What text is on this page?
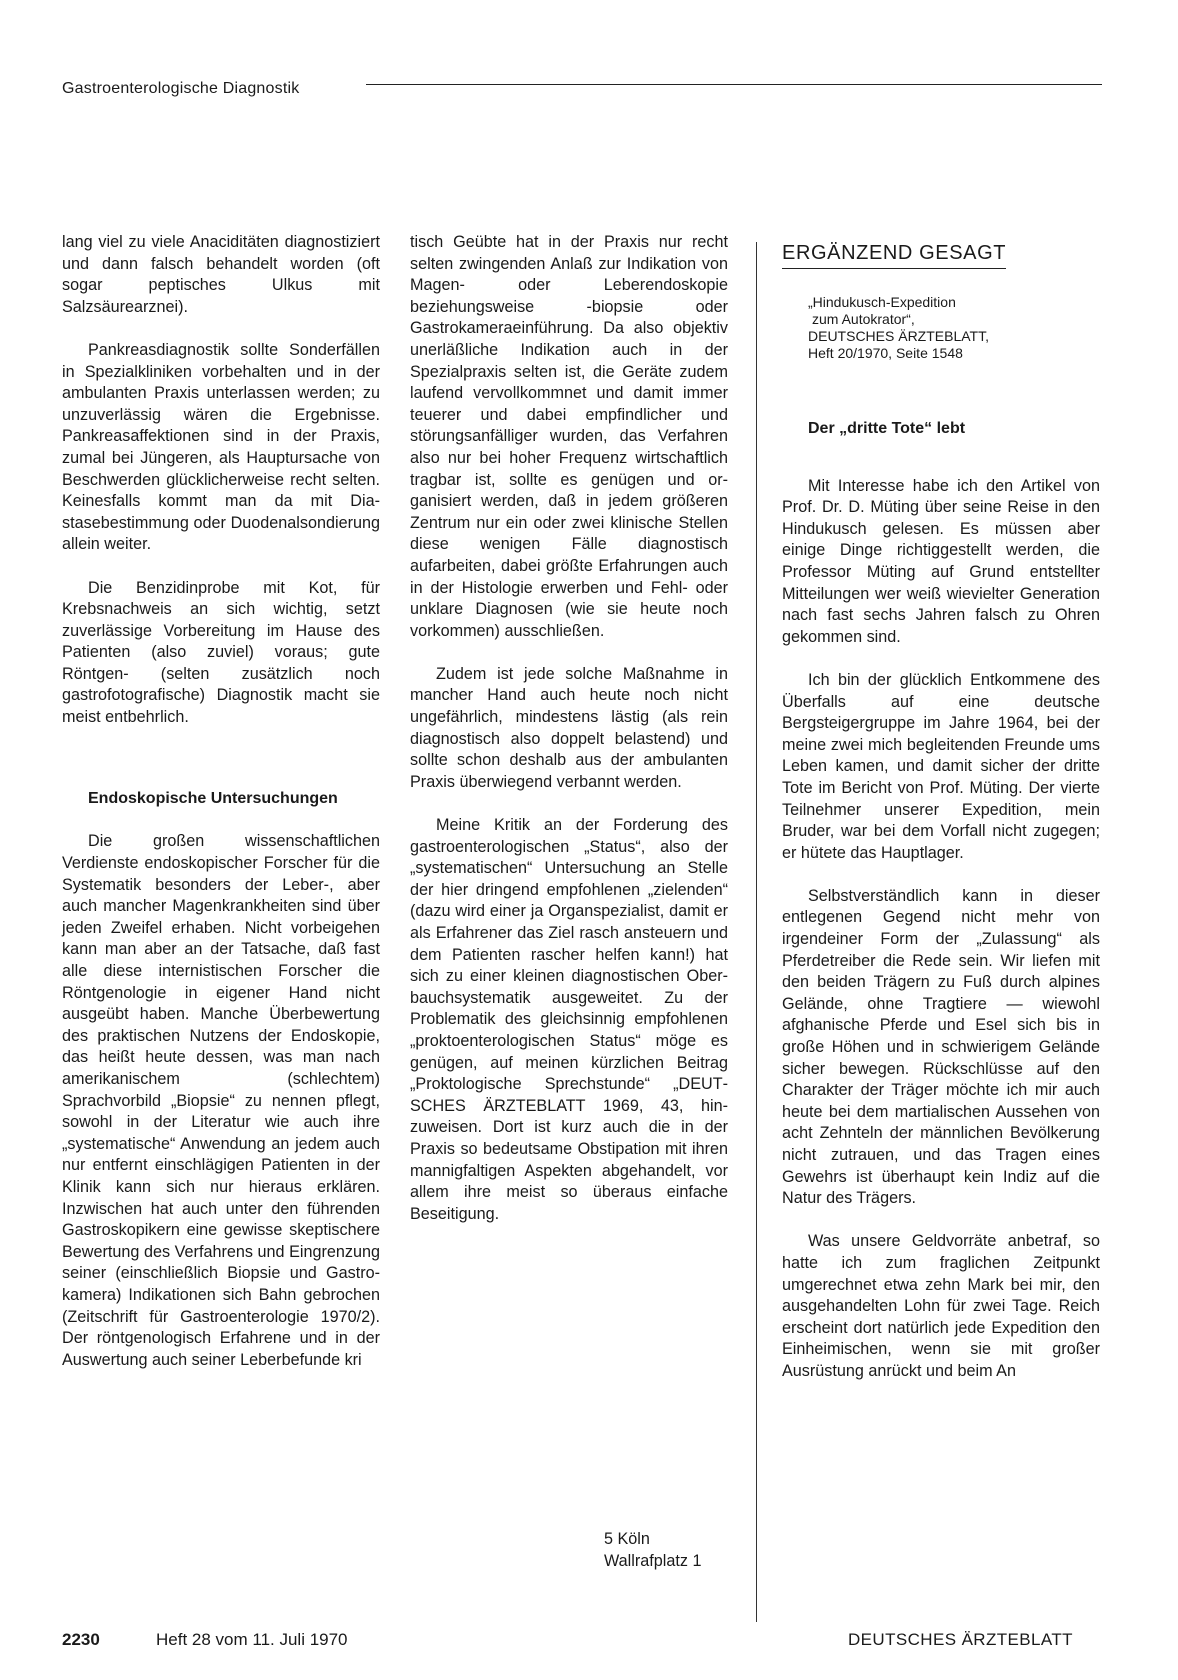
Gastroenterologische Diagnostik

lang viel zu viele Anaciditäten diagnostiziert und dann falsch behandelt worden (oft sogar peptisches Ulkus mit Salzsäurearznei).

Pankreasdiagnostik sollte Sonderfällen in Spezialkliniken vorbehalten und in der ambulanten Praxis unterlassen werden; zu unzuverlässig wären die Ergebnisse. Pankreasaffektionen sind in der Praxis, zumal bei Jüngeren, als Hauptursache von Beschwerden glücklicherweise recht selten. Keinesfalls kommt man da mit Diastasebestimmung oder Duodenalsondierung allein weiter.

Die Benzidinprobe mit Kot, für Krebsnachweis an sich wichtig, setzt zuverlässige Vorbereitung im Hause des Patienten (also zuviel) voraus; gute Röntgen- (selten zusätzlich noch gastrofotografische) Diagnostik macht sie meist entbehrlich.

Endoskopische Untersuchungen

Die großen wissenschaftlichen Verdienste endoskopischer Forscher für die Systematik besonders der Leber-, aber auch mancher Magenkrankheiten sind über jeden Zweifel erhaben. Nicht vorbeigehen kann man aber an der Tatsache, daß fast alle diese internistischen Forscher die Röntgenologie in eigener Hand nicht ausgeübt haben. Manche Überbewertung des praktischen Nutzens der Endoskopie, das heißt heute dessen, was man nach amerikanischem (schlechtem) Sprachvorbild „Biopsie“ zu nennen pflegt, sowohl in der Literatur wie auch ihre „systematische“ Anwendung an jedem auch nur entfernt einschlägigen Patienten in der Klinik kann sich nur hieraus erklären. Inzwischen hat auch unter den führenden Gastroskopikern eine gewisse skeptischere Bewertung des Verfahrens und Eingrenzung seiner (einschließlich Biopsie und Gastrokamera) Indikationen sich Bahn gebrochen (Zeitschrift für Gastroenterologie 1970/2). Der röntgenologisch Erfahrene und in der Auswertung auch seiner Leberbefunde kri

tisch Geübte hat in der Praxis nur recht selten zwingenden Anlaß zur Indikation von Magen- oder Leberendoskopie beziehungsweise -biopsie oder Gastrokameraeinführung. Da also objektiv unerläßliche Indikation auch in der Spezialpraxis selten ist, die Geräte zudem laufend vervollkommnet und damit immer teuerer und dabei empfindlicher und störungsanfälliger wurden, das Verfahren also nur bei hoher Frequenz wirtschaftlich tragbar ist, sollte es genügen und organisiert werden, daß in jedem größeren Zentrum nur ein oder zwei klinische Stellen diese wenigen Fälle diagnostisch aufarbeiten, dabei größte Erfahrungen auch in der Histologie erwerben und Fehl- oder unklare Diagnosen (wie sie heute noch vorkommen) ausschließen.

Zudem ist jede solche Maßnahme in mancher Hand auch heute noch nicht ungefährlich, mindestens lästig (als rein diagnostisch also doppelt belastend) und sollte schon deshalb aus der ambulanten Praxis überwiegend verbannt werden.

Meine Kritik an der Forderung des gastroenterologischen „Status“, also der „systematischen“ Untersuchung an Stelle der hier dringend empfohlenen „zielenden“ (dazu wird einer ja Organspezialist, damit er als Erfahrener das Ziel rasch ansteuern und dem Patienten rascher helfen kann!) hat sich zu einer kleinen diagnostischen Oberbauchsystematik ausgeweitet. Zu der Problematik des gleichsinnig empfohlenen „proktoenterologischen Status“ möge es genügen, auf meinen kürzlichen Beitrag „Proktologische Sprechstunde“ „DEUTSCHES ÄRZTEBLATT 1969, 43, hinzuweisen. Dort ist kurz auch die in der Praxis so bedeutsame Obstipation mit ihren mannigfaltigen Aspekten abgehandelt, vor allem ihre meist so überaus einfache Beseitigung.

5 Köln
Wallrafplatz 1
ERGÄNZEND GESAGT
„Hindukusch-Expedition
zum Autokrator“,
DEUTSCHES ÄRZTEBLATT,
Heft 20/1970, Seite 1548
Der „dritte Tote“ lebt

Mit Interesse habe ich den Artikel von Prof. Dr. D. Müting über seine Reise in den Hindukusch gelesen. Es müssen aber einige Dinge richtiggestellt werden, die Professor Müting auf Grund entstellter Mitteilungen wer weiß wievielter Generation nach fast sechs Jahren falsch zu Ohren gekommen sind.

Ich bin der glücklich Entkommene des Überfalls auf eine deutsche Bergsteigergruppe im Jahre 1964, bei der meine zwei mich begleitenden Freunde ums Leben kamen, und damit sicher der dritte Tote im Bericht von Prof. Müting. Der vierte Teilnehmer unserer Expedition, mein Bruder, war bei dem Vorfall nicht zugegen; er hütete das Hauptlager.

Selbstverständlich kann in dieser entlegenen Gegend nicht mehr von irgendeiner Form der „Zulassung“ als Pferdetreiber die Rede sein. Wir liefen mit den beiden Trägern zu Fuß durch alpines Gelände, ohne Tragtiere — wiewohl afghanische Pferde und Esel sich bis in große Höhen und in schwierigem Gelände sicher bewegen. Rückschlüsse auf den Charakter der Träger möchte ich mir auch heute bei dem martialischen Aussehen von acht Zehnteln der männlichen Bevölkerung nicht zutrauen, und das Tragen eines Gewehrs ist überhaupt kein Indiz auf die Natur des Trägers.

Was unsere Geldvorräte anbetraf, so hatte ich zum fraglichen Zeitpunkt umgerechnet etwa zehn Mark bei mir, den ausgehandelten Lohn für zwei Tage. Reich erscheint dort natürlich jede Expedition den Einheimischen, wenn sie mit großer Ausrüstung anrückt und beim An

2230	Heft 28 vom 11. Juli 1970	DEUTSCHES ÄRZTEBLATT
